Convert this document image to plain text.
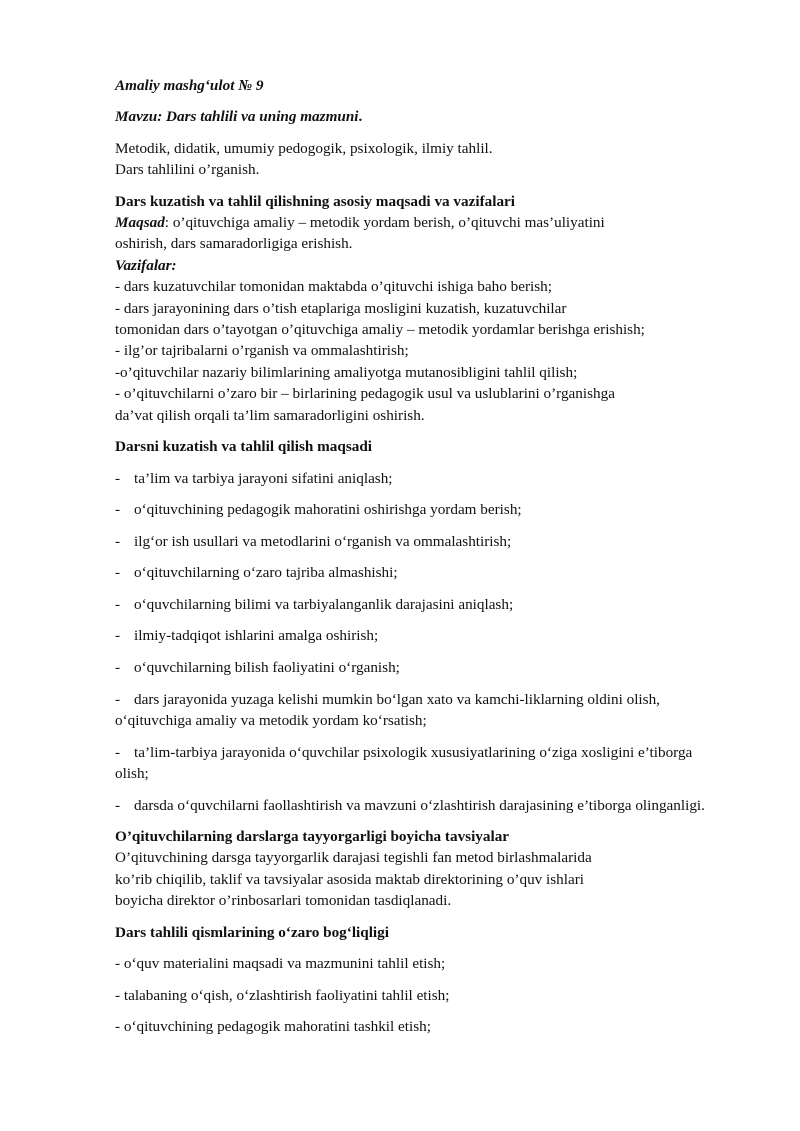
Amaliy mashg‘ulot № 9

Mavzu: Dars tahlili va uning mazmuni.

Metodik, didatik, umumiy pedogogik, psixologik, ilmiy tahlil.

Dars tahlilini o’rganish.

Dars kuzatish va tahlil qilishning asosiy maqsadi va vazifalari

Maqsad: o’qituvchiga amaliy – metodik yordam berish, o’qituvchi mas’uliyatini

oshirish, dars samaradorligiga erishish.

Vazifalar:

- dars kuzatuvchilar tomonidan maktabda o’qituvchi ishiga baho berish;

- dars jarayonining dars o’tish etaplariga mosligini kuzatish, kuzatuvchilar

tomonidan dars o’tayotgan o’qituvchiga amaliy – metodik yordamlar berishga erishish;

- ilg’or tajribalarni o’rganish va ommalashtirish;

-o’qituvchilar nazariy bilimlarining amaliyotga mutanosibligini tahlil qilish;

- o’qituvchilarni o’zaro bir – birlarining pedagogik usul va uslublarini o’rganishga

da’vat qilish orqali ta’lim samaradorligini oshirish.

Darsni kuzatish va tahlil qilish maqsadi

- ta’lim va tarbiya jarayoni sifatini aniqlash;

- o‘qituvchining pedagogik mahoratini oshirishga yordam berish;

- ilg‘or ish usullari va metodlarini o‘rganish va ommalashtirish;

- o‘qituvchilarning o‘zaro tajriba almashishi;

- o‘quvchilarning bilimi va tarbiyalanganlik darajasini aniqlash;

- ilmiy-tadqiqot ishlarini amalga oshirish;

- o‘quvchilarning bilish faoliyatini o‘rganish;

- dars jarayonida yuzaga kelishi mumkin bo‘lgan xato va kamchi-liklarning oldini olish,

o‘qituvchiga amaliy va metodik yordam ko‘rsatish;

- ta’lim-tarbiya jarayonida o‘quvchilar psixologik xususiyatlarining o‘ziga xosligini e’tiborga

olish;

- darsda o‘quvchilarni faollashtirish va mavzuni o‘zlashtirish darajasining e’tiborga olinganligi.

O’qituvchilarning darslarga tayyorgarligi boyicha tavsiyalar

O’qituvchining darsga tayyorgarlik darajasi tegishli fan metod birlashmalarida

ko’rib chiqilib, taklif va tavsiyalar asosida maktab direktorining o’quv ishlari

boyicha direktor o’rinbosarlari tomonidan tasdiqlanadi.

Dars tahlili qismlarining o‘zaro bog‘liqligi

- o‘quv materialini maqsadi va mazmunini tahlil etish;

- talabaning o‘qish, o‘zlashtirish faoliyatini tahlil etish;

- o‘qituvchining pedagogik mahoratini tashkil etish;
